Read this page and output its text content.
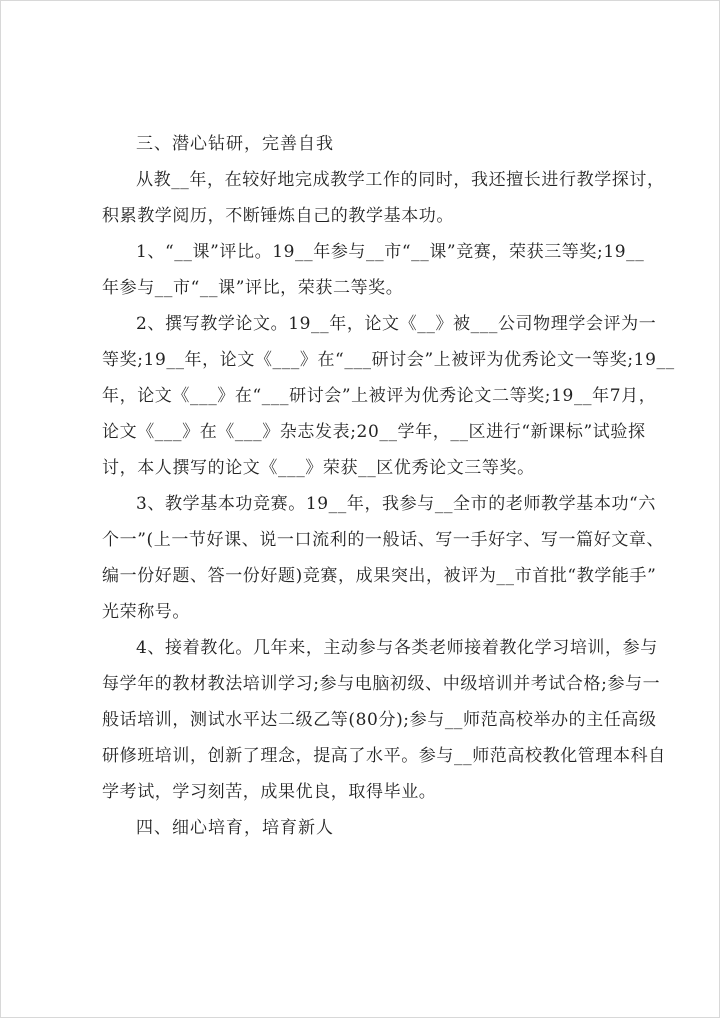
三、潜心钻研，完善自我

从教__年，在较好地完成教学工作的同时，我还擅长进行教学探讨，
积累教学阅历，不断锤炼自己的教学基本功。

1、“__课”评比。19__年参与__市“__课”竞赛，荣获三等奖;19__
年参与__市“__课”评比，荣获二等奖。

2、撰写教学论文。19__年，论文《__》被___公司物理学会评为一
等奖;19__年，论文《___》在“___研讨会”上被评为优秀论文一等奖;19__
年，论文《___》在“___研讨会”上被评为优秀论文二等奖;19__年7月，
论文《___》在《___》杂志发表;20__学年，__区进行“新课标”试验探
讨，本人撰写的论文《___》荣获__区优秀论文三等奖。

3、教学基本功竞赛。19__年，我参与__全市的老师教学基本功“六
个一”(上一节好课、说一口流利的一般话、写一手好字、写一篇好文章、
编一份好题、答一份好题)竞赛，成果突出，被评为__市首批“教学能手”
光荣称号。

4、接着教化。几年来，主动参与各类老师接着教化学习培训，参与
每学年的教材教法培训学习;参与电脑初级、中级培训并考试合格;参与一
般话培训，测试水平达二级乙等(80分);参与__师范高校举办的主任高级
研修班培训，创新了理念，提高了水平。参与__师范高校教化管理本科自
学考试，学习刻苦，成果优良，取得毕业。

四、细心培育，培育新人
